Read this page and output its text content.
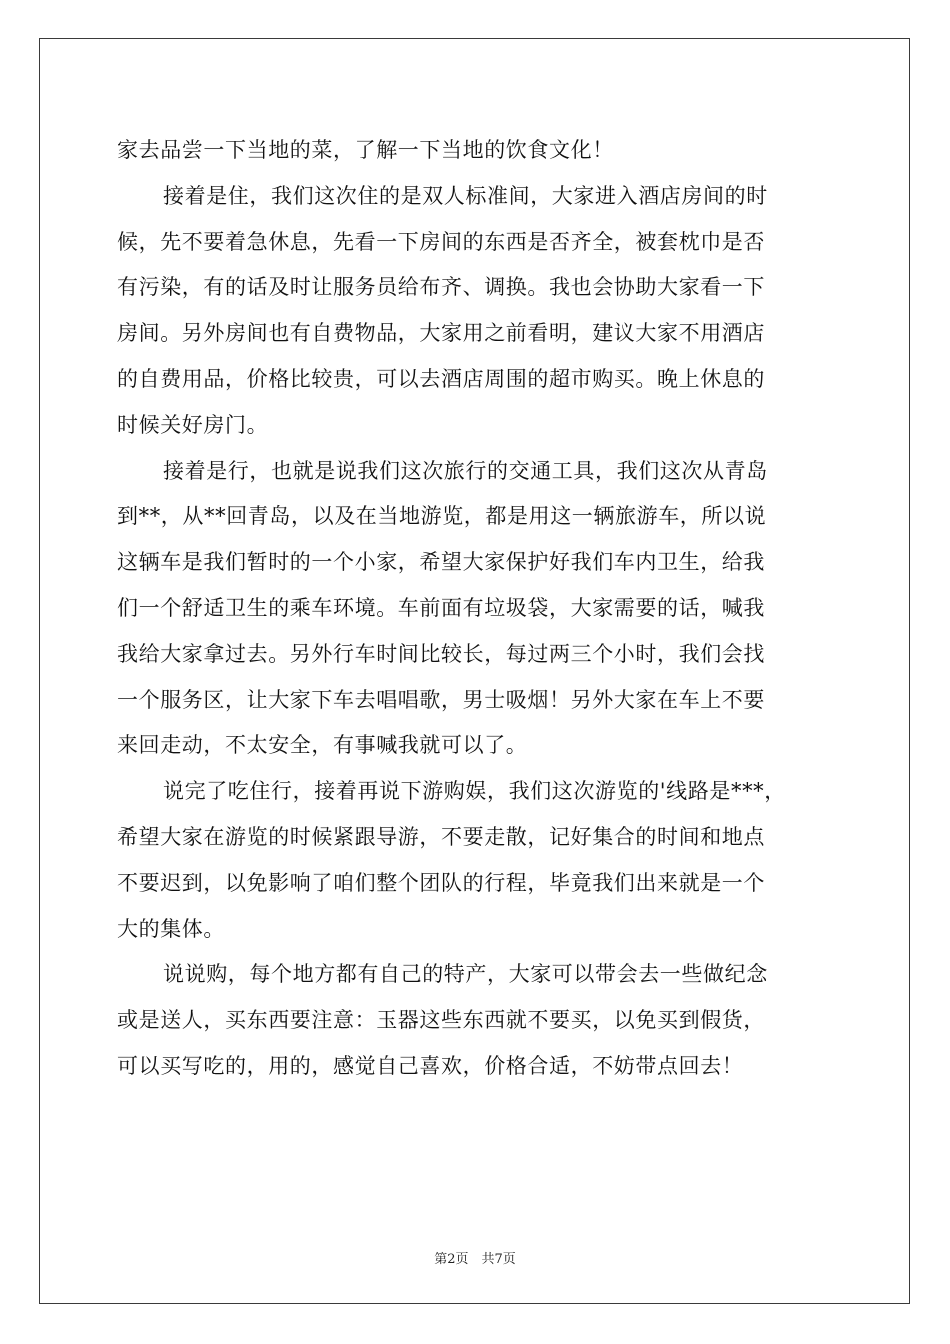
家去品尝一下当地的菜，了解一下当地的饮食文化！
接着是住，我们这次住的是双人标准间，大家进入酒店房间的时
候，先不要着急休息，先看一下房间的东西是否齐全，被套枕巾是否
有污染，有的话及时让服务员给布齐、调换。我也会协助大家看一下
房间。另外房间也有自费物品，大家用之前看明，建议大家不用酒店
的自费用品，价格比较贵，可以去酒店周围的超市购买。晚上休息的
时候关好房门。
接着是行，也就是说我们这次旅行的交通工具，我们这次从青岛
到**，从**回青岛，以及在当地游览，都是用这一辆旅游车，所以说
这辆车是我们暂时的一个小家，希望大家保护好我们车内卫生，给我
们一个舒适卫生的乘车环境。车前面有垃圾袋，大家需要的话，喊我
我给大家拿过去。另外行车时间比较长，每过两三个小时，我们会找
一个服务区，让大家下车去唱唱歌，男士吸烟！另外大家在车上不要
来回走动，不太安全，有事喊我就可以了。
说完了吃住行，接着再说下游购娱，我们这次游览的'线路是***，
希望大家在游览的时候紧跟导游，不要走散，记好集合的时间和地点
不要迟到，以免影响了咱们整个团队的行程，毕竟我们出来就是一个
大的集体。
说说购，每个地方都有自己的特产，大家可以带会去一些做纪念
或是送人，买东西要注意：玉器这些东西就不要买，以免买到假货，
可以买写吃的，用的，感觉自己喜欢，价格合适，不妨带点回去！
第2页　共7页
